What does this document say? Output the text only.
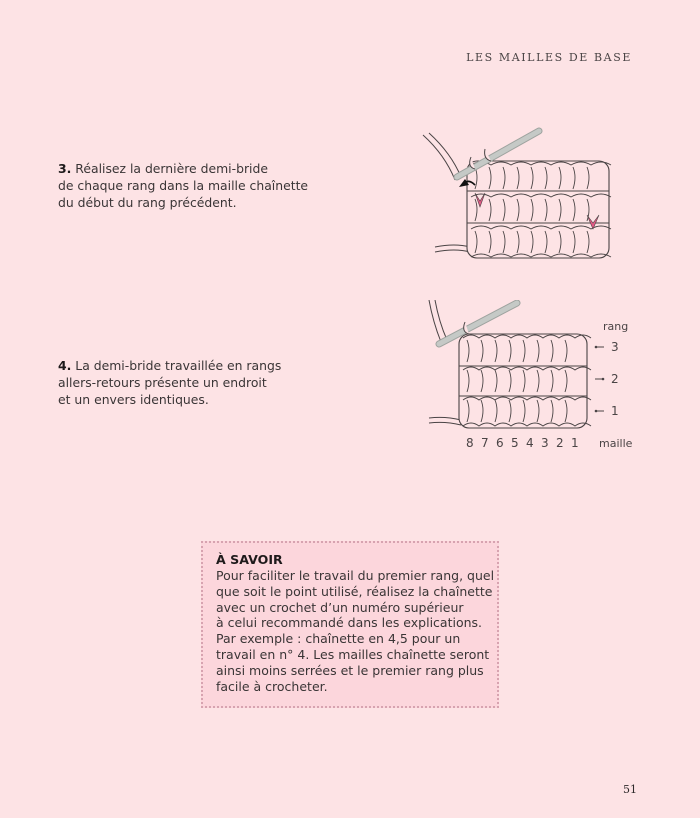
LES MAILLES DE BASE
3. Réalisez la dernière demi-bride
de chaque rang dans la maille chaînette
du début du rang précédent.
4. La demi-bride travaillée en rangs
allers-retours présente un endroit
et un envers identiques.
rang
3
2
1
8 7 6 5 4 3 2 1 maille
À SAVOIR
Pour faciliter le travail du premier rang, quel
que soit le point utilisé, réalisez la chaînette
avec un crochet d’un numéro supérieur
à celui recommandé dans les explications.
Par exemple : chaînette en 4,5 pour un
travail en n° 4. Les mailles chaînette seront
ainsi moins serrées et le premier rang plus
facile à crocheter.
51
